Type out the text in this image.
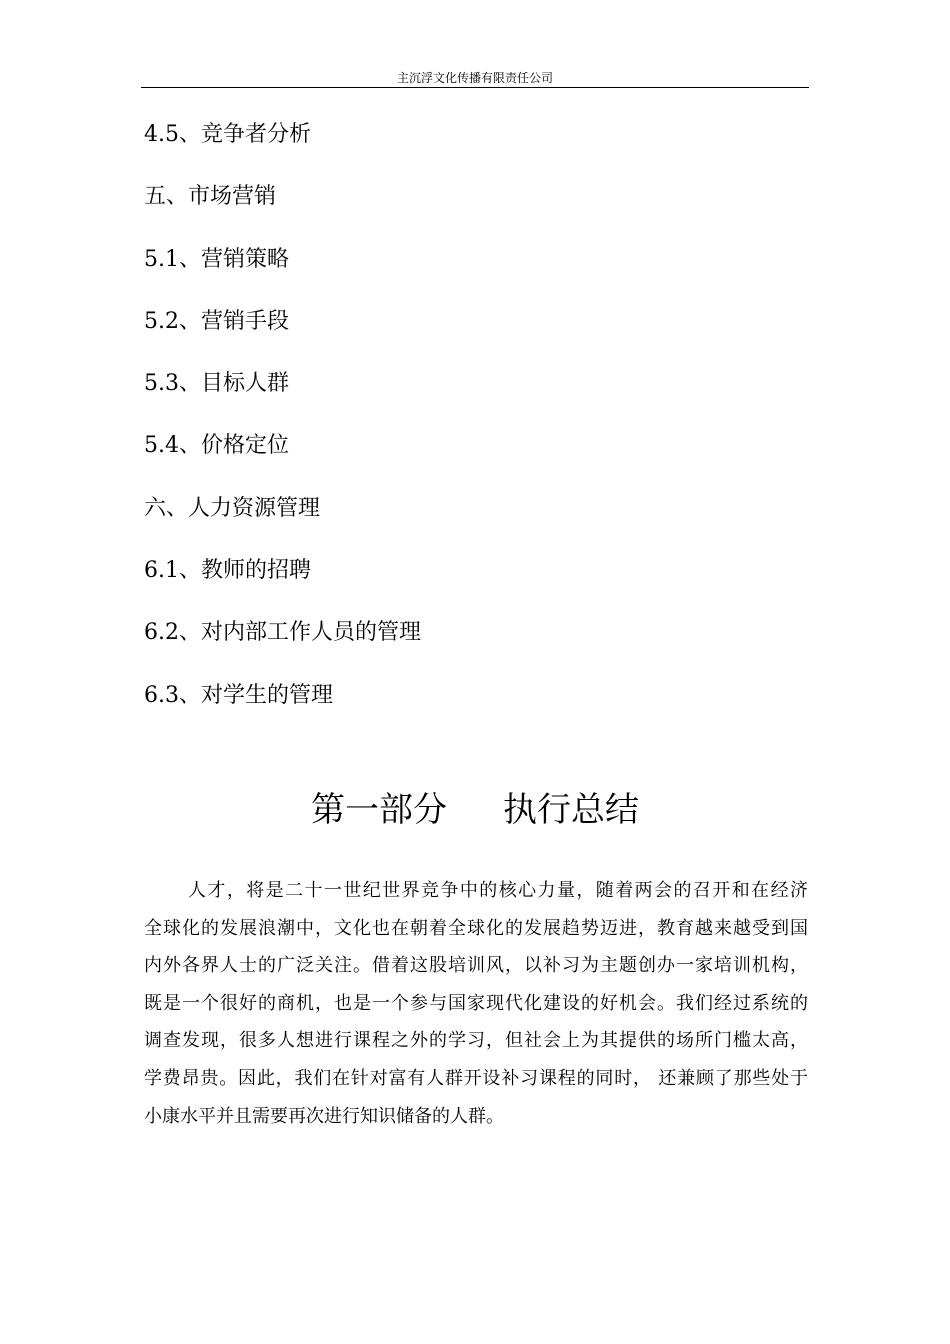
主沉浮文化传播有限责任公司
4.5、竞争者分析
五、市场营销
5.1、营销策略
5.2、营销手段
5.3、目标人群
5.4、价格定位
六、人力资源管理
6.1、教师的招聘
6.2、对内部工作人员的管理
6.3、对学生的管理
第一部分 执行总结
人才，将是二十一世纪世界竞争中的核心力量，随着两会的召开和在经济
全球化的发展浪潮中，文化也在朝着全球化的发展趋势迈进，教育越来越受到国
内外各界人士的广泛关注。借着这股培训风，以补习为主题创办一家培训机构，
既是一个很好的商机，也是一个参与国家现代化建设的好机会。我们经过系统的
调查发现，很多人想进行课程之外的学习，但社会上为其提供的场所门槛太高，
学费昂贵。因此，我们在针对富有人群开设补习课程的同时， 还兼顾了那些处于
小康水平并且需要再次进行知识储备的人群。
